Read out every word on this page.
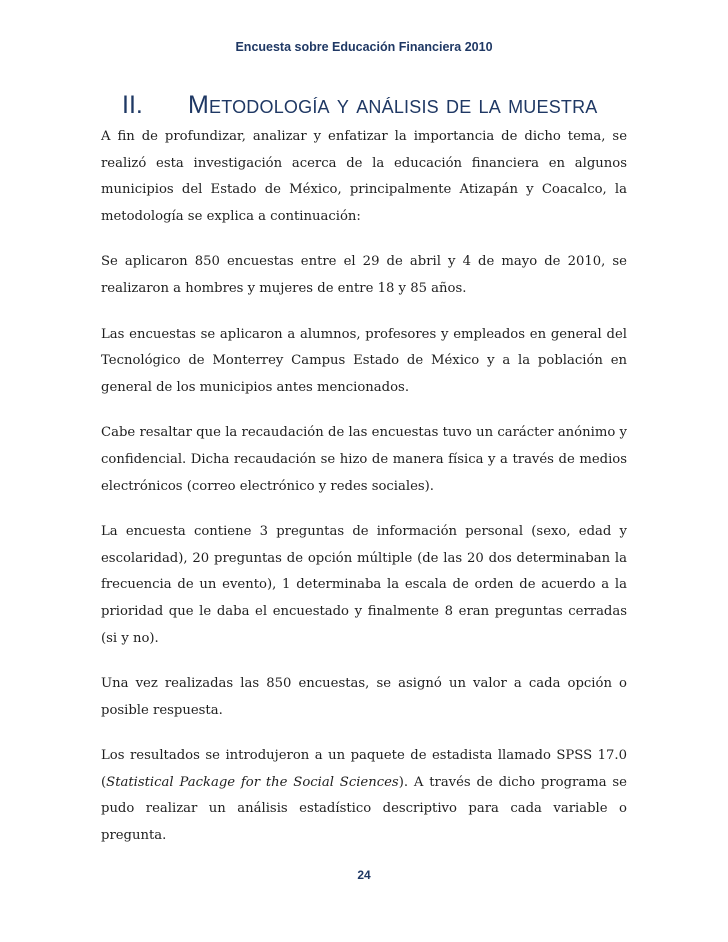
Encuesta sobre Educación Financiera 2010
II. Metodología y análisis de la muestra

A fin de profundizar, analizar y enfatizar la importancia de dicho tema, se realizó esta investigación acerca de la educación financiera en algunos municipios del Estado de México, principalmente Atizapán y Coacalco, la metodología se explica a continuación:

Se aplicaron 850 encuestas entre el 29 de abril y 4 de mayo de 2010, se realizaron a hombres y mujeres de entre 18 y 85 años.

Las encuestas se aplicaron a alumnos, profesores y empleados en general del Tecnológico de Monterrey Campus Estado de México y a la población en general de los municipios antes mencionados.

Cabe resaltar que la recaudación de las encuestas tuvo un carácter anónimo y confidencial. Dicha recaudación se hizo de manera física y a través de medios electrónicos (correo electrónico y redes sociales).

La encuesta contiene 3 preguntas de información personal (sexo, edad y escolaridad), 20 preguntas de opción múltiple (de las 20 dos determinaban la frecuencia de un evento), 1 determinaba la escala de orden de acuerdo a la prioridad que le daba el encuestado y finalmente 8 eran preguntas cerradas (si y no).

Una vez realizadas las 850 encuestas, se asignó un valor a cada opción o posible respuesta.

Los resultados se introdujeron a un paquete de estadista llamado SPSS 17.0 (Statistical Package for the Social Sciences). A través de dicho programa se pudo realizar un análisis estadístico descriptivo para cada variable o pregunta.

24
